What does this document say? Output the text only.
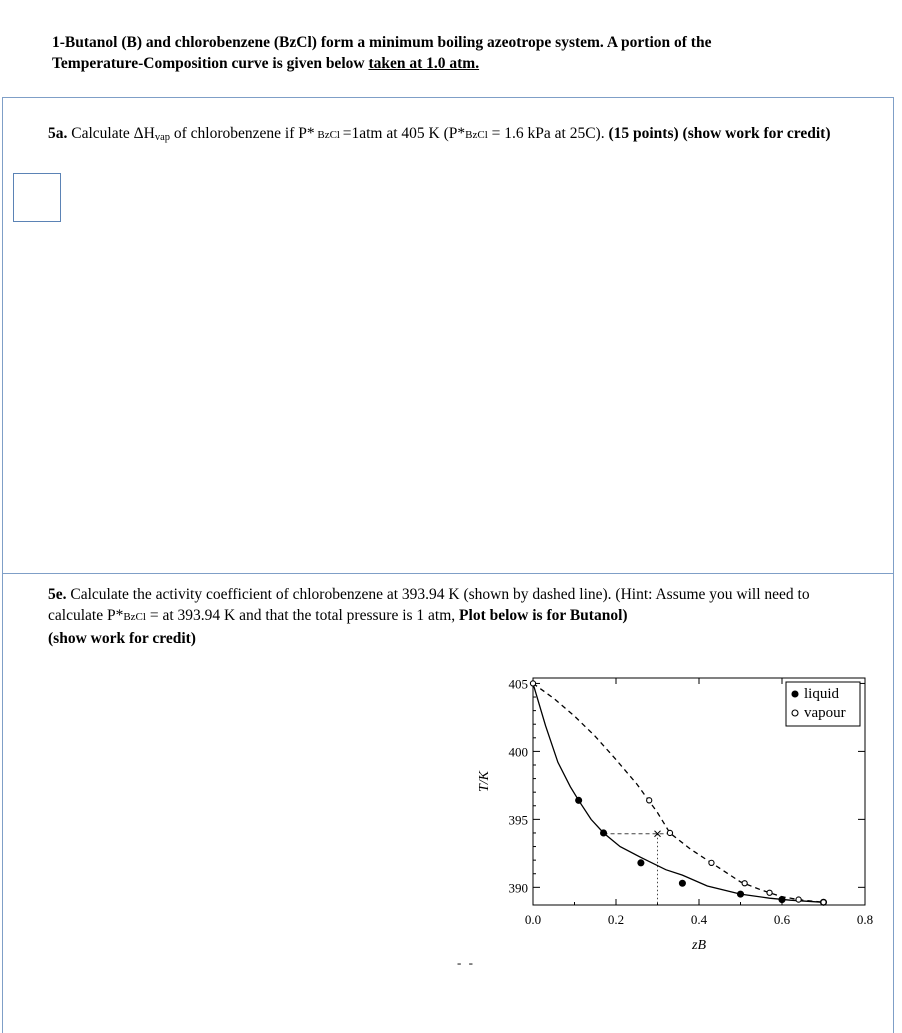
1-Butanol (B) and chlorobenzene (BzCl) form a minimum boiling azeotrope system. A portion of the
Temperature-Composition curve is given below taken at 1.0 atm.
5a. Calculate ΔHvap of chlorobenzene if P* BzCl =1atm at 405 K (P*BzCl = 1.6 kPa at 25C). (15 points) (show work for credit)
5e. Calculate the activity coefficient of chlorobenzene at 393.94 K (shown by dashed line). (Hint: Assume you will need to calculate P*BzCl = at 393.94 K and that the total pressure is 1 atm, Plot below is for Butanol)
(show work for credit)
0.0	0.2	0.4	0.6	0.8
390
395
400
405
zB
T/K
liquid
vapour
- -
